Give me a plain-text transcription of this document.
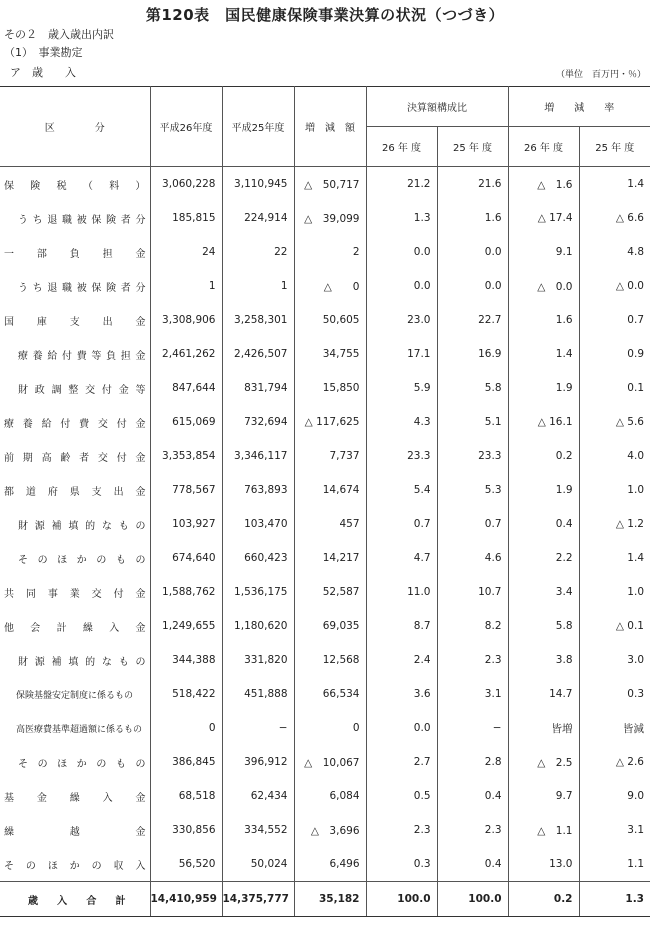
第120表　国民健康保険事業決算の状況（つづき）
その２　歳入歳出内訳
（1）　事業勘定
ア　歳　　入	（単位　百万円・％）
区　　　　分	平成26年度	平成25年度	増　減　額	決算額構成比		増　　減　　率	
				26 年 度	25 年 度	26 年 度	25 年 度

保険税（料）	3,060,228	3,110,945	△　50,717	21.2	21.6	△　1.6	1.4

うち退職被保険者分	185,815	224,914	△　39,099	1.3	1.6	△ 17.4	△ 6.6

一部負担金	24	22	2	0.0	0.0	9.1	4.8

うち退職被保険者分	1	1	△　　0	0.0	0.0	△　0.0	△ 0.0

国庫支出金	3,308,906	3,258,301	50,605	23.0	22.7	1.6	0.7

療養給付費等負担金	2,461,262	2,426,507	34,755	17.1	16.9	1.4	0.9

財政調整交付金等	847,644	831,794	15,850	5.9	5.8	1.9	0.1

療養給付費交付金	615,069	732,694	△ 117,625	4.3	5.1	△ 16.1	△ 5.6

前期高齢者交付金	3,353,854	3,346,117	7,737	23.3	23.3	0.2	4.0

都道府県支出金	778,567	763,893	14,674	5.4	5.3	1.9	1.0

財源補填的なもの	103,927	103,470	457	0.7	0.7	0.4	△ 1.2

そのほかのもの	674,640	660,423	14,217	4.7	4.6	2.2	1.4

共同事業交付金	1,588,762	1,536,175	52,587	11.0	10.7	3.4	1.0

他会計繰入金	1,249,655	1,180,620	69,035	8.7	8.2	5.8	△ 0.1

財源補填的なもの	344,388	331,820	12,568	2.4	2.3	3.8	3.0

保険基盤安定制度に係るもの	518,422	451,888	66,534	3.6	3.1	14.7	0.3

高医療費基準超過額に係るもの	0	−	0	0.0	−	皆増	皆減

そのほかのもの	386,845	396,912	△　10,067	2.7	2.8	△　2.5	△ 2.6

基金繰入金	68,518	62,434	6,084	0.5	0.4	9.7	9.0

繰越金	330,856	334,552	△　3,696	2.3	2.3	△　1.1	3.1

そのほかの収入	56,520	50,024	6,496	0.3	0.4	13.0	1.1

歳入合計	14,410,959	14,375,777	35,182	100.0	100.0	0.2	1.3
